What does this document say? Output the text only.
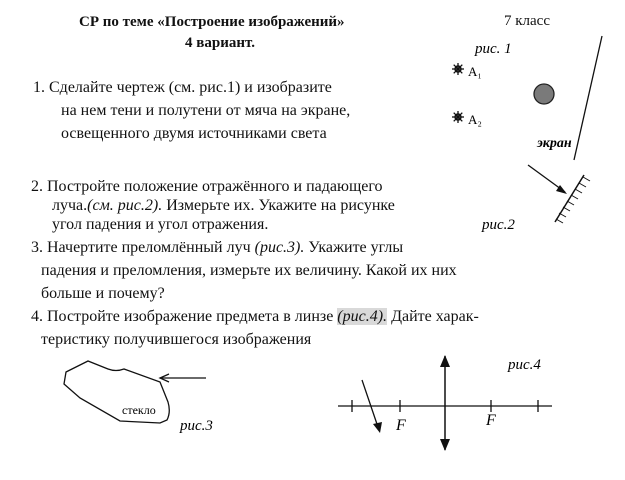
СР по теме «Построение изображений»
4 вариант.
7 класс
1. Сделайте чертеж (см. рис.1) и изобразите
на нем тени и полутени от мяча на экране,
освещенного двумя источниками света
2. Постройте положение отражённого и падающего
луча.(см. рис.2). Измерьте их. Укажите на рисунке
угол падения и угол отражения.
3. Начертите преломлённый луч (рис.3). Укажите углы
падения и преломления, измерьте их величину. Какой их них
больше и почему?
4. Постройте изображение предмета в линзе (рис.4). Дайте харак-
теристику получившегося изображения
рис. 1
A₁
A₂
экран
рис.2
стекло
рис.3
рис.4
F	F
